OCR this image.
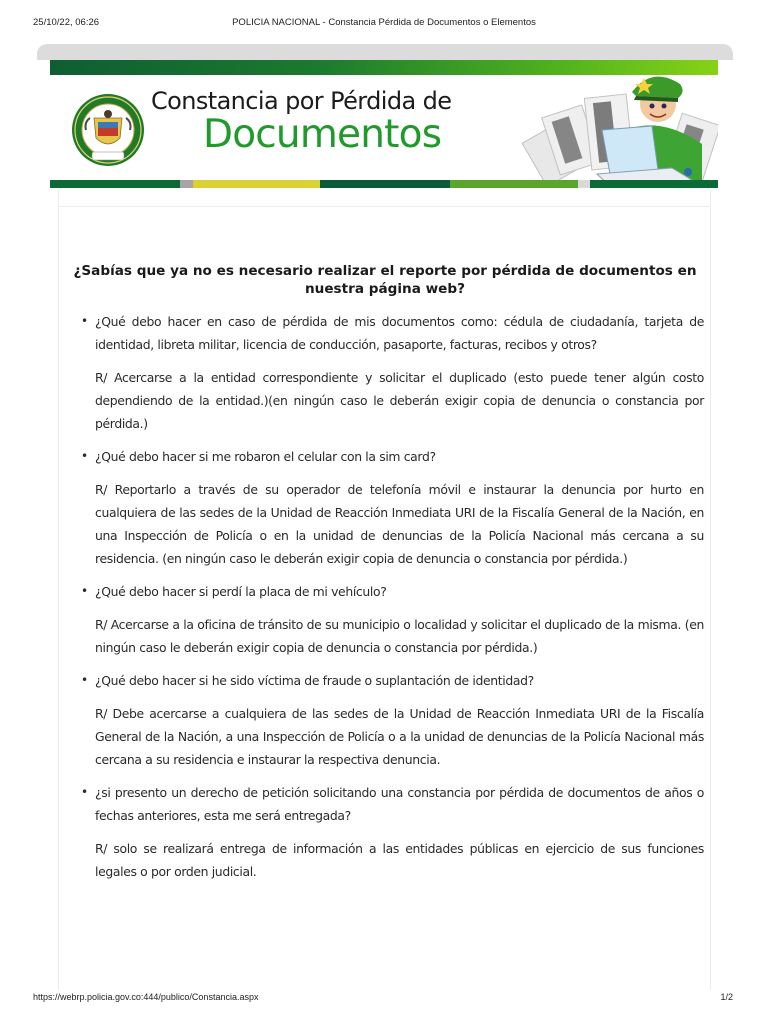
25/10/22, 06:26	POLICIA NACIONAL - Constancia Pérdida de Documentos o Elementos
Constancia por Pérdida de
Documentos
¿Sabías que ya no es necesario realizar el reporte por pérdida de documentos en nuestra página web?

• ¿Qué debo hacer en caso de pérdida de mis documentos como: cédula de ciudadanía, tarjeta de identidad, libreta militar, licencia de conducción, pasaporte, facturas, recibos y otros?

R/ Acercarse a la entidad correspondiente y solicitar el duplicado (esto puede tener algún costo dependiendo de la entidad.)(en ningún caso le deberán exigir copia de denuncia o constancia por pérdida.)

• ¿Qué debo hacer si me robaron el celular con la sim card?

R/ Reportarlo a través de su operador de telefonía móvil e instaurar la denuncia por hurto en cualquiera de las sedes de la Unidad de Reacción Inmediata URI de la Fiscalía General de la Nación, en una Inspección de Policía o en la unidad de denuncias de la Policía Nacional más cercana a su residencia. (en ningún caso le deberán exigir copia de denuncia o constancia por pérdida.)

• ¿Qué debo hacer si perdí la placa de mi vehículo?

R/ Acercarse a la oficina de tránsito de su municipio o localidad y solicitar el duplicado de la misma. (en ningún caso le deberán exigir copia de denuncia o constancia por pérdida.)

• ¿Qué debo hacer si he sido víctima de fraude o suplantación de identidad?

R/ Debe acercarse a cualquiera de las sedes de la Unidad de Reacción Inmediata URI de la Fiscalía General de la Nación, a una Inspección de Policía o a la unidad de denuncias de la Policía Nacional más cercana a su residencia e instaurar la respectiva denuncia.

• ¿si presento un derecho de petición solicitando una constancia por pérdida de documentos de años o fechas anteriores, esta me será entregada?

R/ solo se realizará entrega de información a las entidades públicas en ejercicio de sus funciones legales o por orden judicial.

https://webrp.policia.gov.co:444/publico/Constancia.aspx	1/2
